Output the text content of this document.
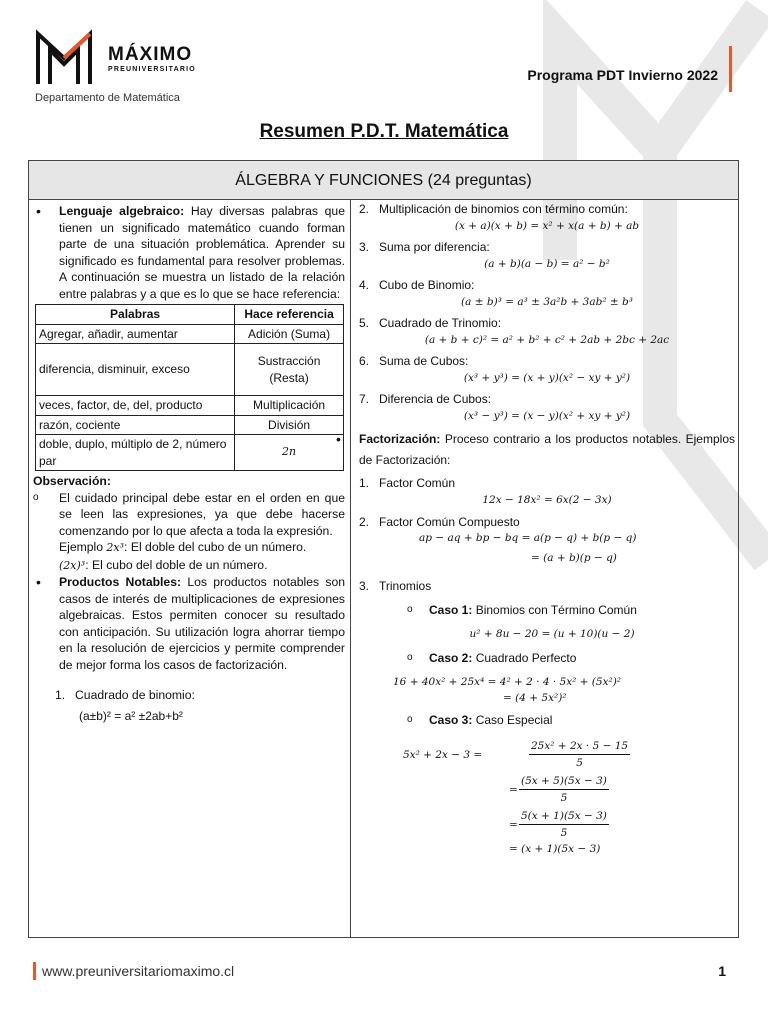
MÁXIMO
PREUNIVERSITARIO
Departamento de Matemática
Programa PDT Invierno 2022
Resumen P.D.T. Matemática
ÁLGEBRA Y FUNCIONES (24 preguntas)
• Lenguaje algebraico: Hay diversas palabras que tienen un significado matemático cuando forman parte de una situación problemática. Aprender su significado es fundamental para resolver problemas. A continuación se muestra un listado de la relación entre palabras y a que es lo que se hace referencia:
Palabras	Hace referencia
Agregar, añadir, aumentar	Adición (Suma)
diferencia, disminuir, exceso	Sustracción (Resta)
veces, factor, de, del, producto	Multiplicación
razón, cociente	División
doble, duplo, múltiplo de 2, número par	2n
Observación:
o El cuidado principal debe estar en el orden en que se leen las expresiones, ya que debe hacerse comenzando por lo que afecta a toda la expresión.
Ejemplo 2x³: El doble del cubo de un número.
(2x)³: El cubo del doble de un número.
• Productos Notables: Los productos notables son casos de interés de multiplicaciones de expresiones algebraicas. Estos permiten conocer su resultado con anticipación. Su utilización logra ahorrar tiempo en la resolución de ejercicios y permite comprender de mejor forma los casos de factorización.
1. Cuadrado de binomio:
(a±b)² = a² ±2ab+b²
2. Multiplicación de binomios con término común:
(x + a)(x + b) = x² + x(a + b) + ab
3. Suma por diferencia:
(a + b)(a − b) = a² − b²
4. Cubo de Binomio:
(a ± b)³ = a³ ± 3a²b + 3ab² ± b³
5. Cuadrado de Trinomio:
(a + b + c)² = a² + b² + c² + 2ab + 2bc + 2ac
6. Suma de Cubos:
(x³ + y³) = (x + y)(x² − xy + y²)
7. Diferencia de Cubos:
(x³ − y³) = (x − y)(x² + xy + y²)
• Factorización: Proceso contrario a los productos notables. Ejemplos de Factorización:
1. Factor Común
12x − 18x² = 6x(2 − 3x)
2. Factor Común Compuesto
ap − aq + bp − bq = a(p − q) + b(p − q)
= (a + b)(p − q)
3. Trinomios
o Caso 1: Binomios con Término Común
u² + 8u − 20 = (u + 10)(u − 2)
o Caso 2: Cuadrado Perfecto
16 + 40x² + 25x⁴ = 4² + 2 · 4 · 5x² + (5x²)²
= (4 + 5x²)²
o Caso 3: Caso Especial
5x² + 2x − 3 =	$\frac{\text{25x² + 2x · 5 − 15}}{5}$
= $\frac{(5x + 5)(5x - 3)}{5}$
= $\frac{5(x + 1)(5x - 3)}{5}$
= (x + 1)(5x − 3)
www.preuniversitariomaximo.cl	1
